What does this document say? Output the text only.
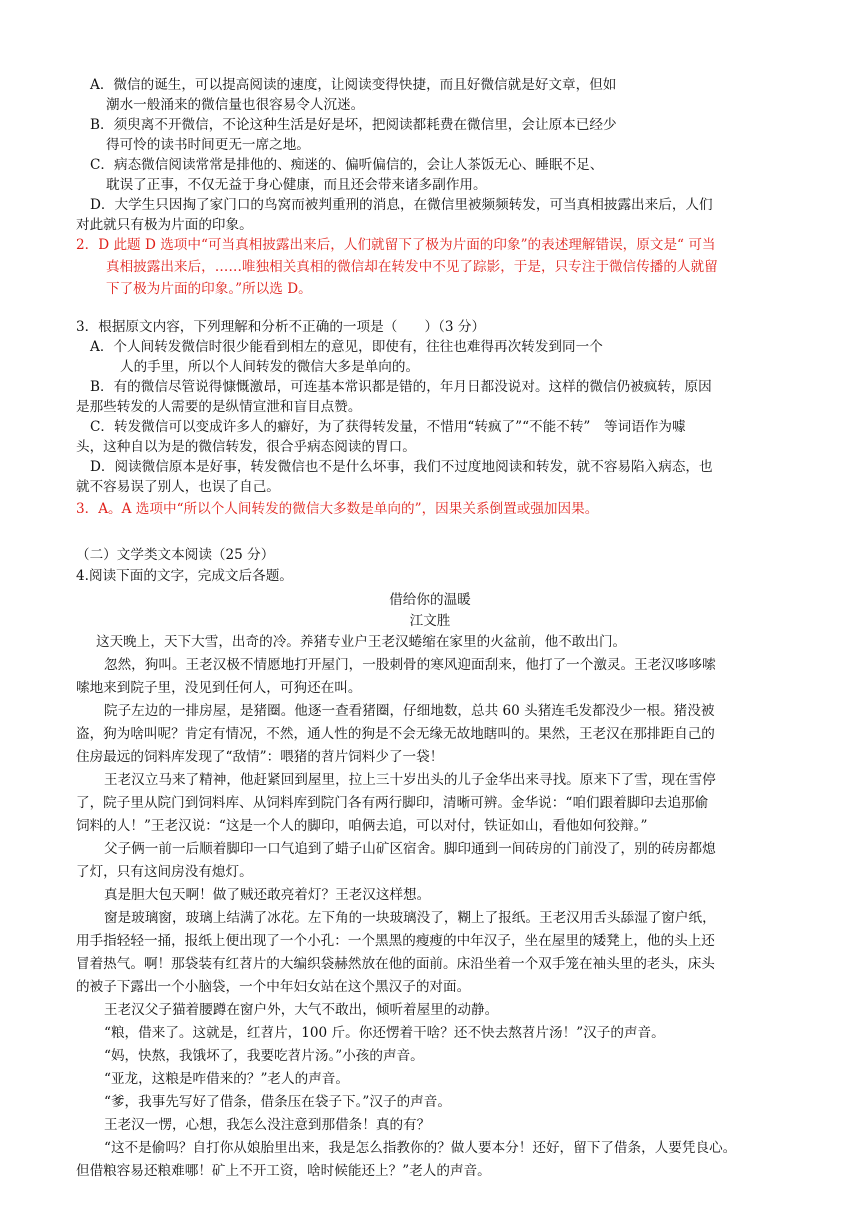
A．微信的诞生，可以提高阅读的速度，让阅读变得快捷，而且好微信就是好文章，但如
潮水一般涌来的微信量也很容易令人沉迷。
B．须臾离不开微信，不论这种生活是好是坏，把阅读都耗费在微信里，会让原本已经少
得可怜的读书时间更无一席之地。
C．病态微信阅读常常是排他的、痴迷的、偏听偏信的，会让人茶饭无心、睡眠不足、
耽误了正事，不仅无益于身心健康，而且还会带来诸多副作用。
D．大学生只因掏了家门口的鸟窝而被判重刑的消息，在微信里被频频转发，可当真相披露出来后，人们
对此就只有极为片面的印象。
2．D 此题 D 选项中“可当真相披露出来后，人们就留下了极为片面的印象”的表述理解错误，原文是“ 可当
真相披露出来后，……唯独相关真相的微信却在转发中不见了踪影，于是，只专注于微信传播的人就留
下了极为片面的印象。”所以选 D。
3．根据原文内容，下列理解和分析不正确的一项是（　　）（3 分）
A．个人间转发微信时很少能看到相左的意见，即使有，往往也难得再次转发到同一个
人的手里，所以个人间转发的微信大多是单向的。
B．有的微信尽管说得慷慨激昂，可连基本常识都是错的，年月日都没说对。这样的微信仍被疯转，原因
是那些转发的人需要的是纵情宣泄和盲目点赞。
C．转发微信可以变成许多人的癖好，为了获得转发量，不惜用“转疯了”“不能不转”　等词语作为噱
头，这种自以为是的微信转发，很合乎病态阅读的胃口。
D．阅读微信原本是好事，转发微信也不是什么坏事，我们不过度地阅读和转发，就不容易陷入病态，也
就不容易误了别人，也误了自己。
3．A。A 选项中“所以个人间转发的微信大多数是单向的”，因果关系倒置或强加因果。
（二）文学类文本阅读（25 分）
4.阅读下面的文字，完成文后各题。
借给你的温暖
江文胜
这天晚上，天下大雪，出奇的冷。养猪专业户王老汉蜷缩在家里的火盆前，他不敢出门。
忽然，狗叫。王老汉极不情愿地打开屋门，一股刺骨的寒风迎面刮来，他打了一个激灵。王老汉哆哆嗦
嗦地来到院子里，没见到任何人，可狗还在叫。
院子左边的一排房屋，是猪圈。他逐一查看猪圈，仔细地数，总共 60 头猪连毛发都没少一根。猪没被
盗，狗为啥叫呢？肯定有情况，不然，通人性的狗是不会无缘无故地瞎叫的。果然，王老汉在那排距自己的
住房最远的饲料库发现了“敌情”：喂猪的苕片饲料少了一袋！
王老汉立马来了精神，他赶紧回到屋里，拉上三十岁出头的儿子金华出来寻找。原来下了雪，现在雪停
了，院子里从院门到饲料库、从饲料库到院门各有两行脚印，清晰可辨。金华说：“咱们跟着脚印去追那偷
饲料的人！”王老汉说：“这是一个人的脚印，咱俩去追，可以对付，铁证如山，看他如何狡辩。”
父子俩一前一后顺着脚印一口气追到了蜡子山矿区宿舍。脚印通到一间砖房的门前没了，别的砖房都熄
了灯，只有这间房没有熄灯。
真是胆大包天啊！做了贼还敢亮着灯？王老汉这样想。
窗是玻璃窗，玻璃上结满了冰花。左下角的一块玻璃没了，糊上了报纸。王老汉用舌头舔湿了窗户纸，
用手指轻轻一捅，报纸上便出现了一个小孔：一个黑黑的瘦瘦的中年汉子，坐在屋里的矮凳上，他的头上还
冒着热气。啊！那袋装有红苕片的大编织袋赫然放在他的面前。床沿坐着一个双手笼在袖头里的老头，床头
的被子下露出一个小脑袋，一个中年妇女站在这个黑汉子的对面。
王老汉父子猫着腰蹲在窗户外，大气不敢出，倾听着屋里的动静。
“粮，借来了。这就是，红苕片，100 斤。你还愣着干啥？还不快去熬苕片汤！”汉子的声音。
“妈，快熬，我饿坏了，我要吃苕片汤。”小孩的声音。
“亚龙，这粮是咋借来的？”老人的声音。
“爹，我事先写好了借条，借条压在袋子下。”汉子的声音。
王老汉一愣，心想，我怎么没注意到那借条！真的有？
“这不是偷吗？自打你从娘胎里出来，我是怎么指教你的？做人要本分！还好，留下了借条，人要凭良心。
但借粮容易还粮难哪！矿上不开工资，啥时候能还上？”老人的声音。
